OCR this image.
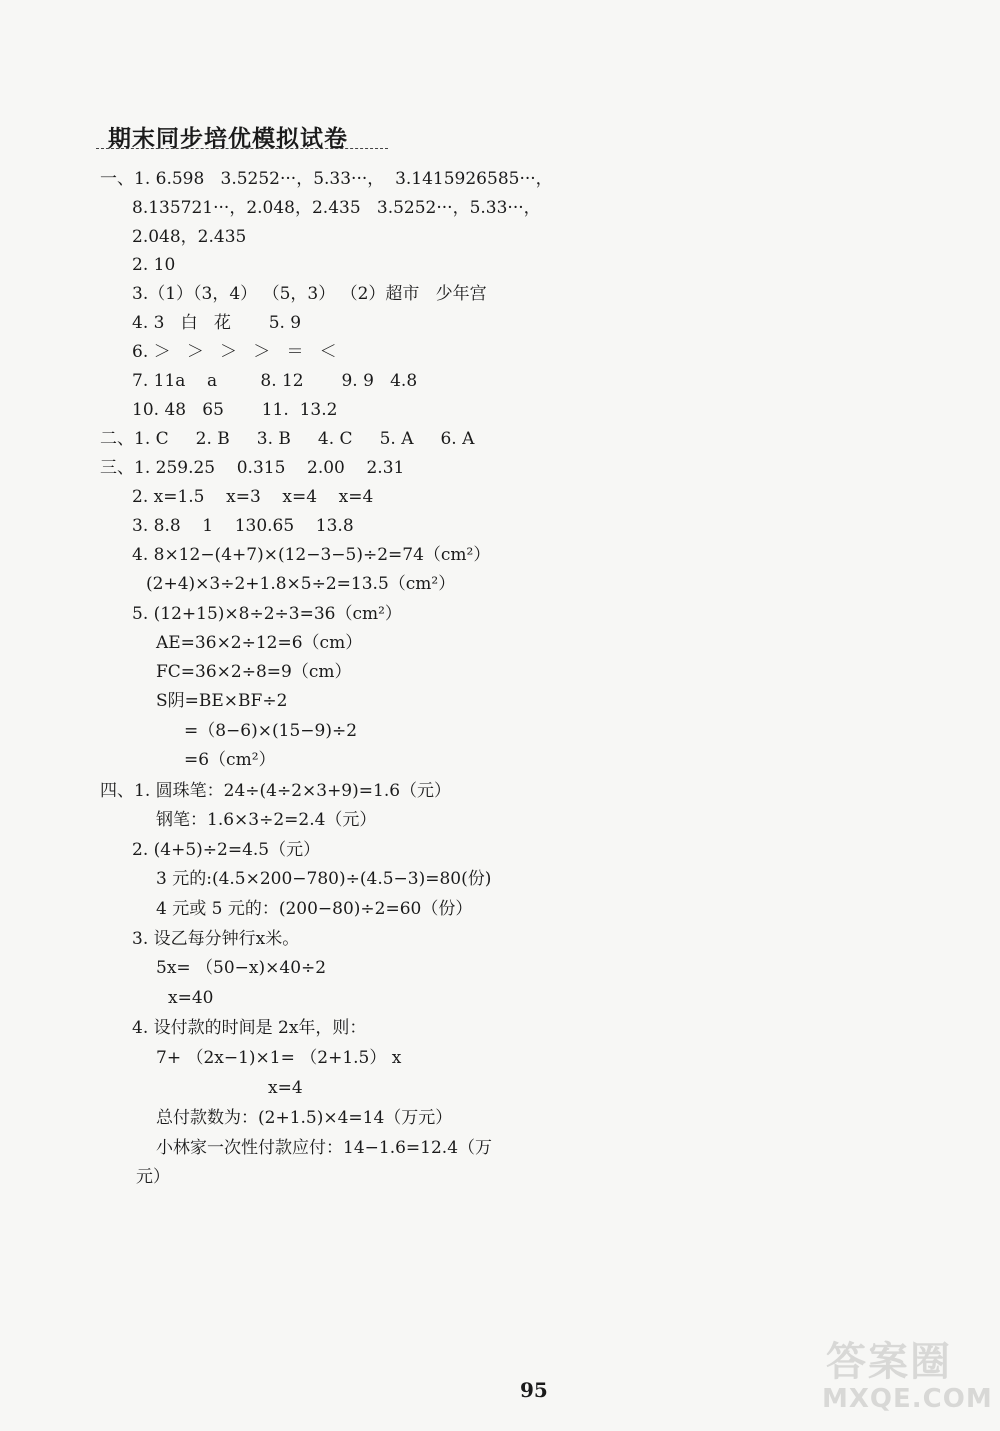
期末同步培优模拟试卷
一、1. 6.598   3.5252···，5.33···，  3.1415926585···，
8.135721···，2.048，2.435   3.5252···，5.33···，
2.048，2.435
2. 10
3.（1）（3，4） （5，3） （2）超市   少年宫
4. 3   白   花       5. 9
6. ＞   ＞   ＞   ＞   ＝   ＜
7. 11a    a        8. 12       9. 9   4.8
10. 48   65       11.  13.2
二、1. C     2. B     3. B     4. C     5. A     6. A
三、1. 259.25    0.315    2.00    2.31
2. x=1.5    x=3    x=4    x=4
3. 8.8    1    130.65    13.8
4. 8×12−(4+7)×(12−3−5)÷2=74（cm²）
(2+4)×3÷2+1.8×5÷2=13.5（cm²）
5. (12+15)×8÷2÷3=36（cm²）
AE=36×2÷12=6（cm）
FC=36×2÷8=9（cm）
S阴=BE×BF÷2
=（8−6)×(15−9)÷2
=6（cm²）
四、1. 圆珠笔：24÷(4÷2×3+9)=1.6（元）
钢笔：1.6×3÷2=2.4（元）
2. (4+5)÷2=4.5（元）
3 元的:(4.5×200−780)÷(4.5−3)=80(份)
4 元或 5 元的：(200−80)÷2=60（份）
3. 设乙每分钟行x米。
5x= （50−x)×40÷2
x=40
4. 设付款的时间是 2x年，则：
7+ （2x−1)×1= （2+1.5） x
x=4
总付款数为：(2+1.5)×4=14（万元）
小林家一次性付款应付：14−1.6=12.4（万
元）
95
答案圈
MXQE.COM
